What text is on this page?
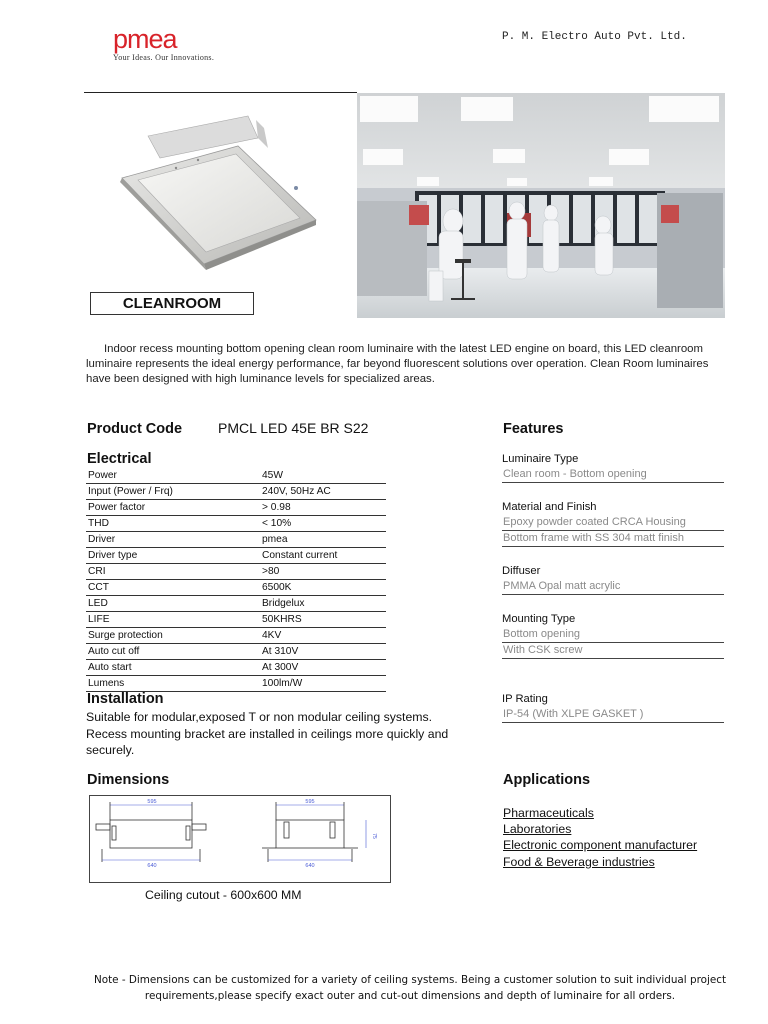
pmea
Your Ideas. Our Innovations.
P. M. Electro Auto Pvt. Ltd.
CLEANROOM

Indoor recess mounting bottom opening clean room luminaire with the latest LED engine on board, this LED cleanroom luminaire represents the ideal energy performance, far beyond fluorescent solutions over operation. Clean Room luminaires have been designed with high luminance levels for specialized areas.

Product Code	PMCL LED 45E BR S22
Electrical
Power	45W
Input (Power / Frq)	240V, 50Hz AC
Power factor	> 0.98
THD	< 10%
Driver	pmea
Driver type	Constant current
CRI	>80
CCT	6500K
LED	Bridgelux
LIFE	50KHRS
Surge protection	4KV
Auto cut off	At 310V
Auto start	At 300V
Lumens	100lm/W
Installation

Suitable for modular,exposed T or non modular ceiling systems. Recess mounting bracket are installed in ceilings more quickly and securely.

Features
Luminaire Type
Clean room - Bottom opening
Material and Finish
Epoxy powder coated CRCA Housing
Bottom frame with SS 304 matt finish
Diffuser
PMMA Opal matt acrylic
Mounting Type
Bottom opening
With CSK screw
IP Rating
IP-54 (With XLPE GASKET )
Dimensions
595
640
595
640
75
Ceiling cutout - 600x600 MM
Applications
Pharmaceuticals
Laboratories
Electronic component manufacturer
Food & Beverage industries

Note - Dimensions can be customized for a variety of ceiling systems. Being a customer solution to suit individual project requirements,please specify exact outer and cut-out dimensions and depth of luminaire for all orders.
